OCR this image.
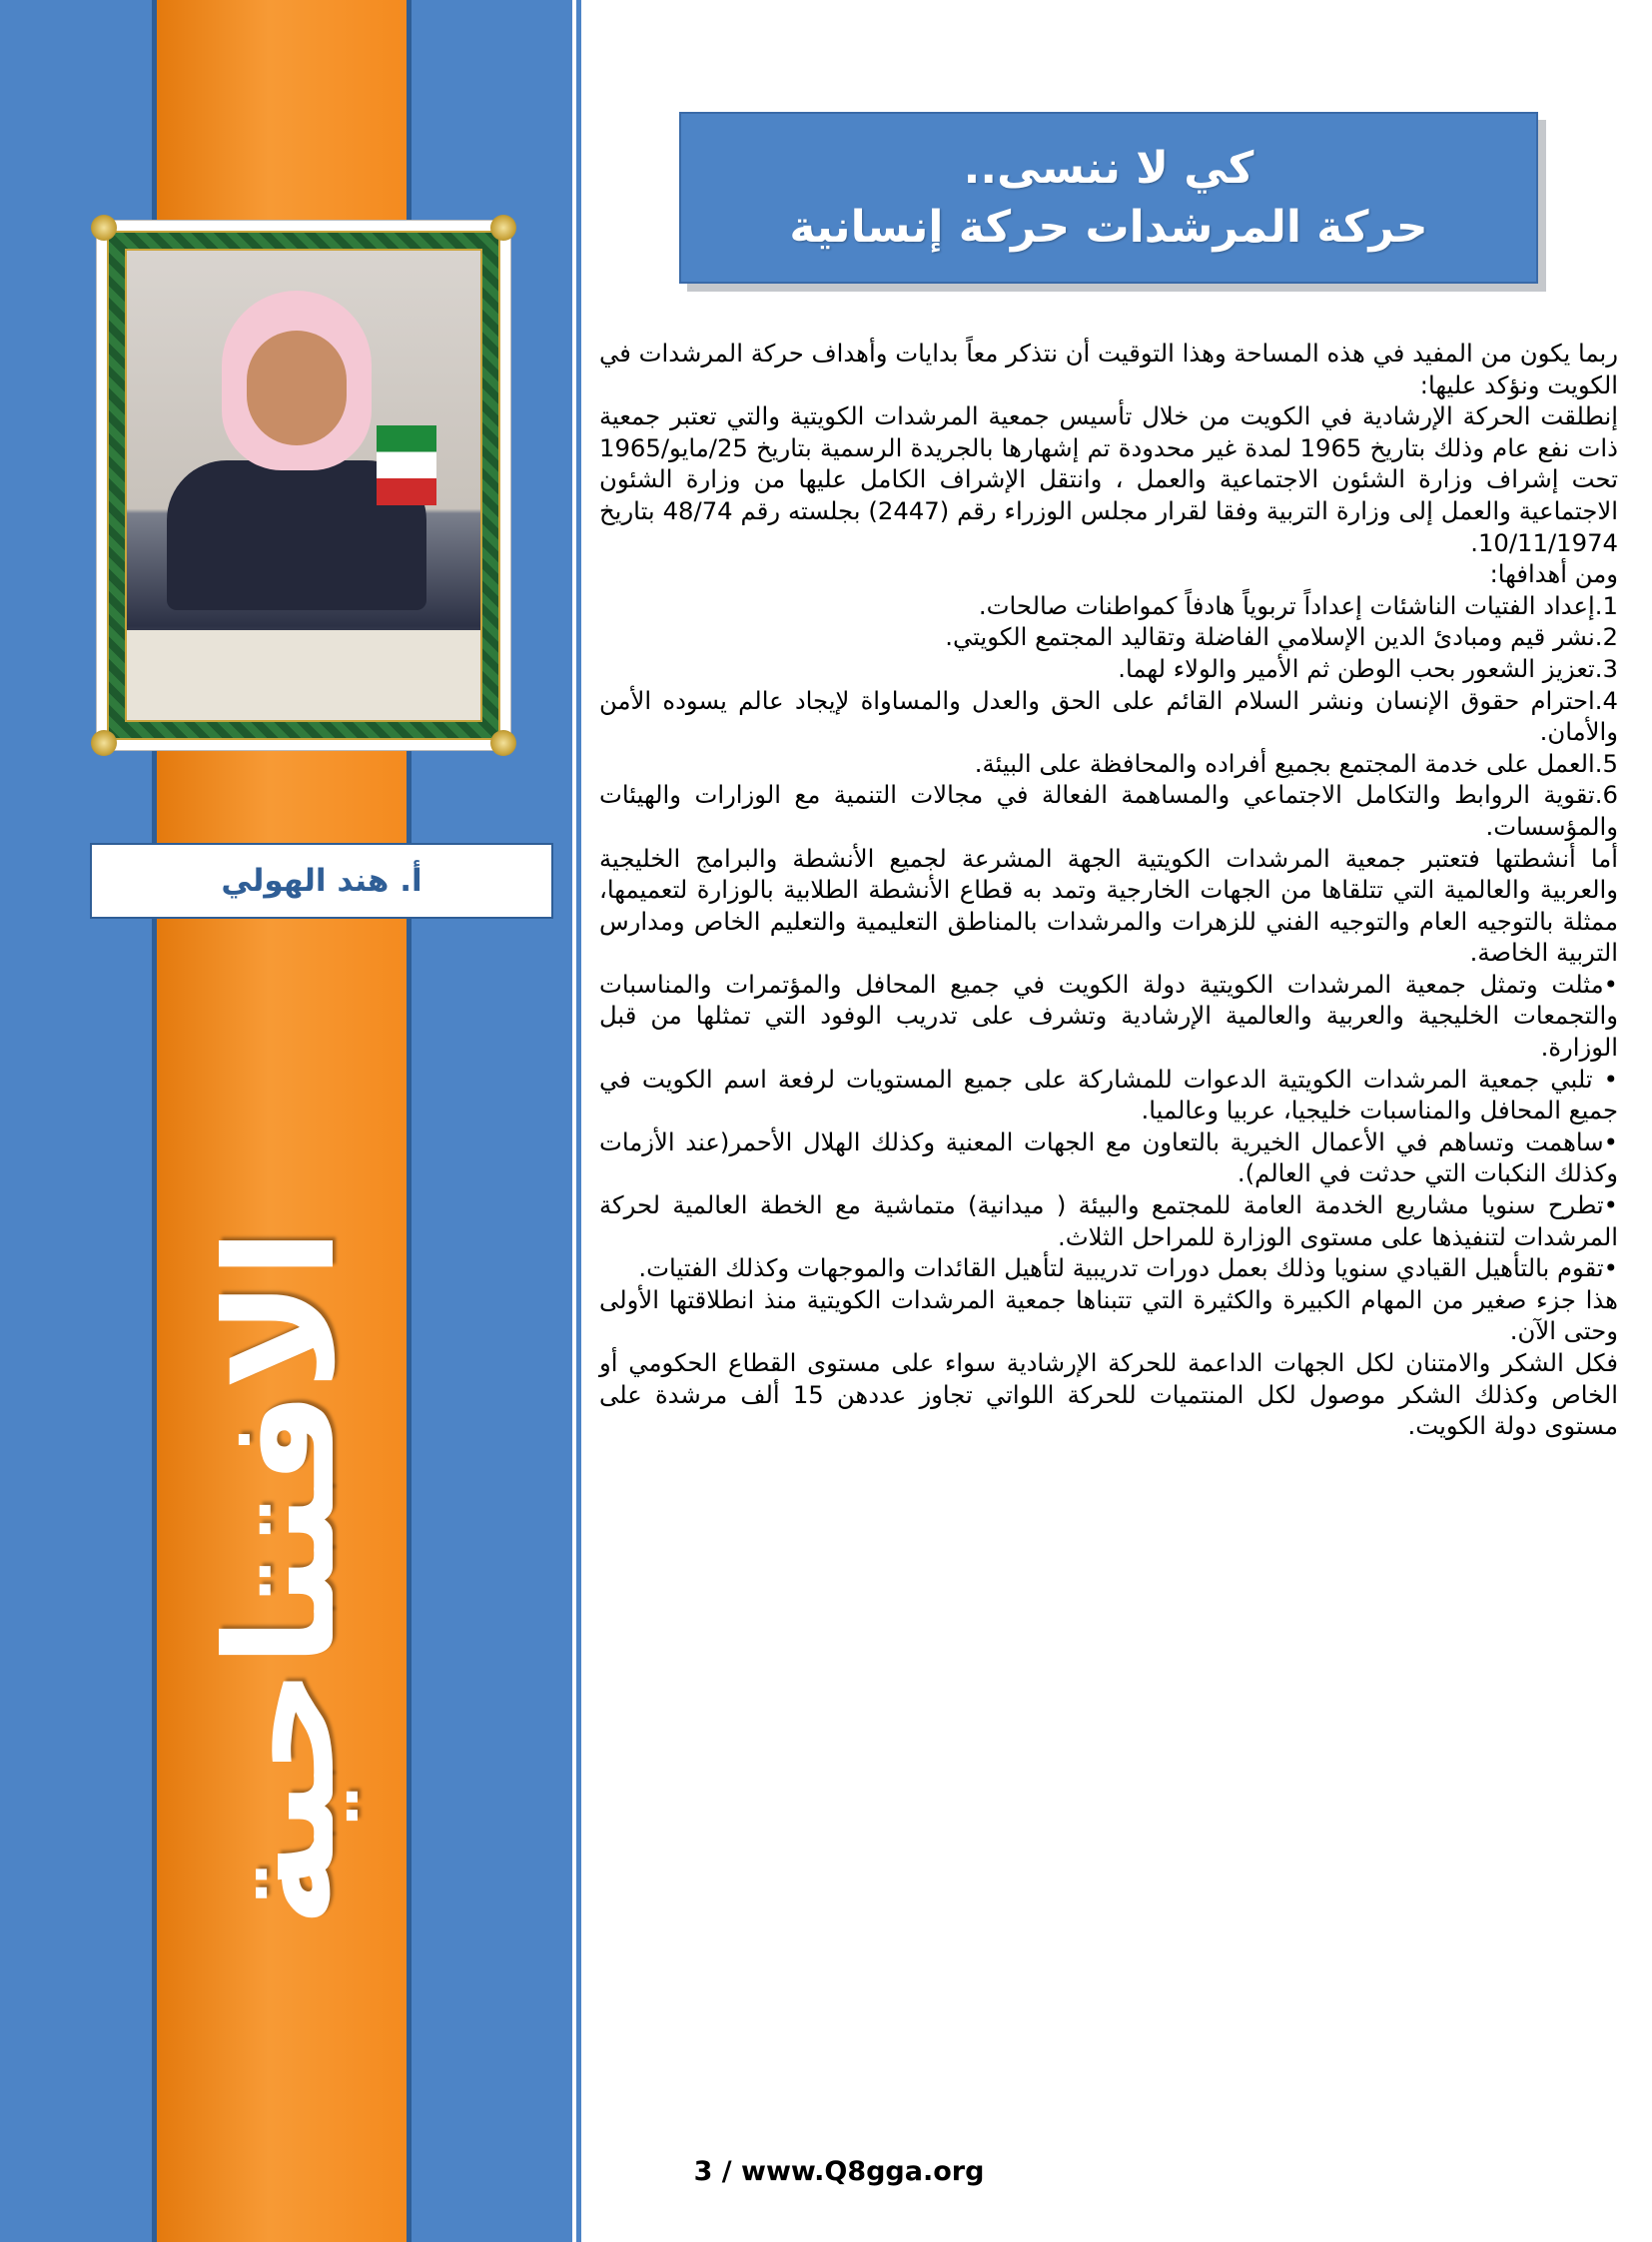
أ. هند الهولي
الافتتاحية
كي لا ننسى..
حركة المرشدات حركة إنسانية

ربما يكون من المفيد في هذه المساحة وهذا التوقيت أن نتذكر معاً بدايات وأهداف حركة المرشدات في الكويت ونؤكد عليها:

إنطلقت الحركة الإرشادية في الكويت من خلال تأسيس جمعية المرشدات الكويتية والتي تعتبر جمعية ذات نفع عام وذلك بتاريخ 1965 لمدة غير محدودة تم إشهارها بالجريدة الرسمية بتاريخ 25/مايو/1965 تحت إشراف وزارة الشئون الاجتماعية والعمل ، وانتقل الإشراف الكامل عليها من وزارة الشئون الاجتماعية والعمل إلى وزارة التربية وفقا لقرار مجلس الوزراء رقم (2447) بجلسته رقم 48/74 بتاريخ 10/11/1974.

ومن أهدافها:

1.إعداد الفتيات الناشئات إعداداً تربوياً هادفاً كمواطنات صالحات.

2.نشر قيم ومبادئ الدين الإسلامي الفاضلة وتقاليد المجتمع الكويتي.

3.تعزيز الشعور بحب الوطن ثم الأمير والولاء لهما.

4.احترام حقوق الإنسان ونشر السلام القائم على الحق والعدل والمساواة لإيجاد عالم يسوده الأمن والأمان.

5.العمل على خدمة المجتمع بجميع أفراده والمحافظة على البيئة.

6.تقوية الروابط والتكامل الاجتماعي والمساهمة الفعالة في مجالات التنمية مع الوزارات والهيئات والمؤسسات.

أما أنشطتها فتعتبر جمعية المرشدات الكويتية الجهة المشرعة لجميع الأنشطة والبرامج الخليجية والعربية والعالمية التي تتلقاها من الجهات الخارجية وتمد به قطاع الأنشطة الطلابية بالوزارة لتعميمها، ممثلة بالتوجيه العام والتوجيه الفني للزهرات والمرشدات بالمناطق التعليمية والتعليم الخاص ومدارس التربية الخاصة.

•مثلت وتمثل جمعية المرشدات الكويتية دولة الكويت في جميع المحافل والمؤتمرات والمناسبات والتجمعات الخليجية والعربية والعالمية الإرشادية وتشرف على تدريب الوفود التي تمثلها من قبل الوزارة.

• تلبي جمعية المرشدات الكويتية الدعوات للمشاركة على جميع المستويات لرفعة اسم الكويت في جميع المحافل والمناسبات خليجيا، عربيا وعالميا.

•ساهمت وتساهم في الأعمال الخيرية بالتعاون مع الجهات المعنية وكذلك الهلال الأحمر(عند الأزمات وكذلك النكبات التي حدثت في العالم).

•تطرح سنويا مشاريع الخدمة العامة للمجتمع والبيئة ( ميدانية) متماشية مع الخطة العالمية لحركة المرشدات لتنفيذها على مستوى الوزارة للمراحل الثلاث.

•تقوم بالتأهيل القيادي سنويا وذلك بعمل دورات تدريبية لتأهيل القائدات والموجهات وكذلك الفتيات.

هذا جزء صغير من المهام الكبيرة والكثيرة التي تتبناها جمعية المرشدات الكويتية منذ انطلاقتها الأولى وحتى الآن.

فكل الشكر والامتنان لكل الجهات الداعمة للحركة الإرشادية سواء على مستوى القطاع الحكومي أو الخاص وكذلك الشكر موصول لكل المنتميات للحركة اللواتي تجاوز عددهن 15 ألف مرشدة على مستوى دولة الكويت.

3 / www.Q8gga.org
